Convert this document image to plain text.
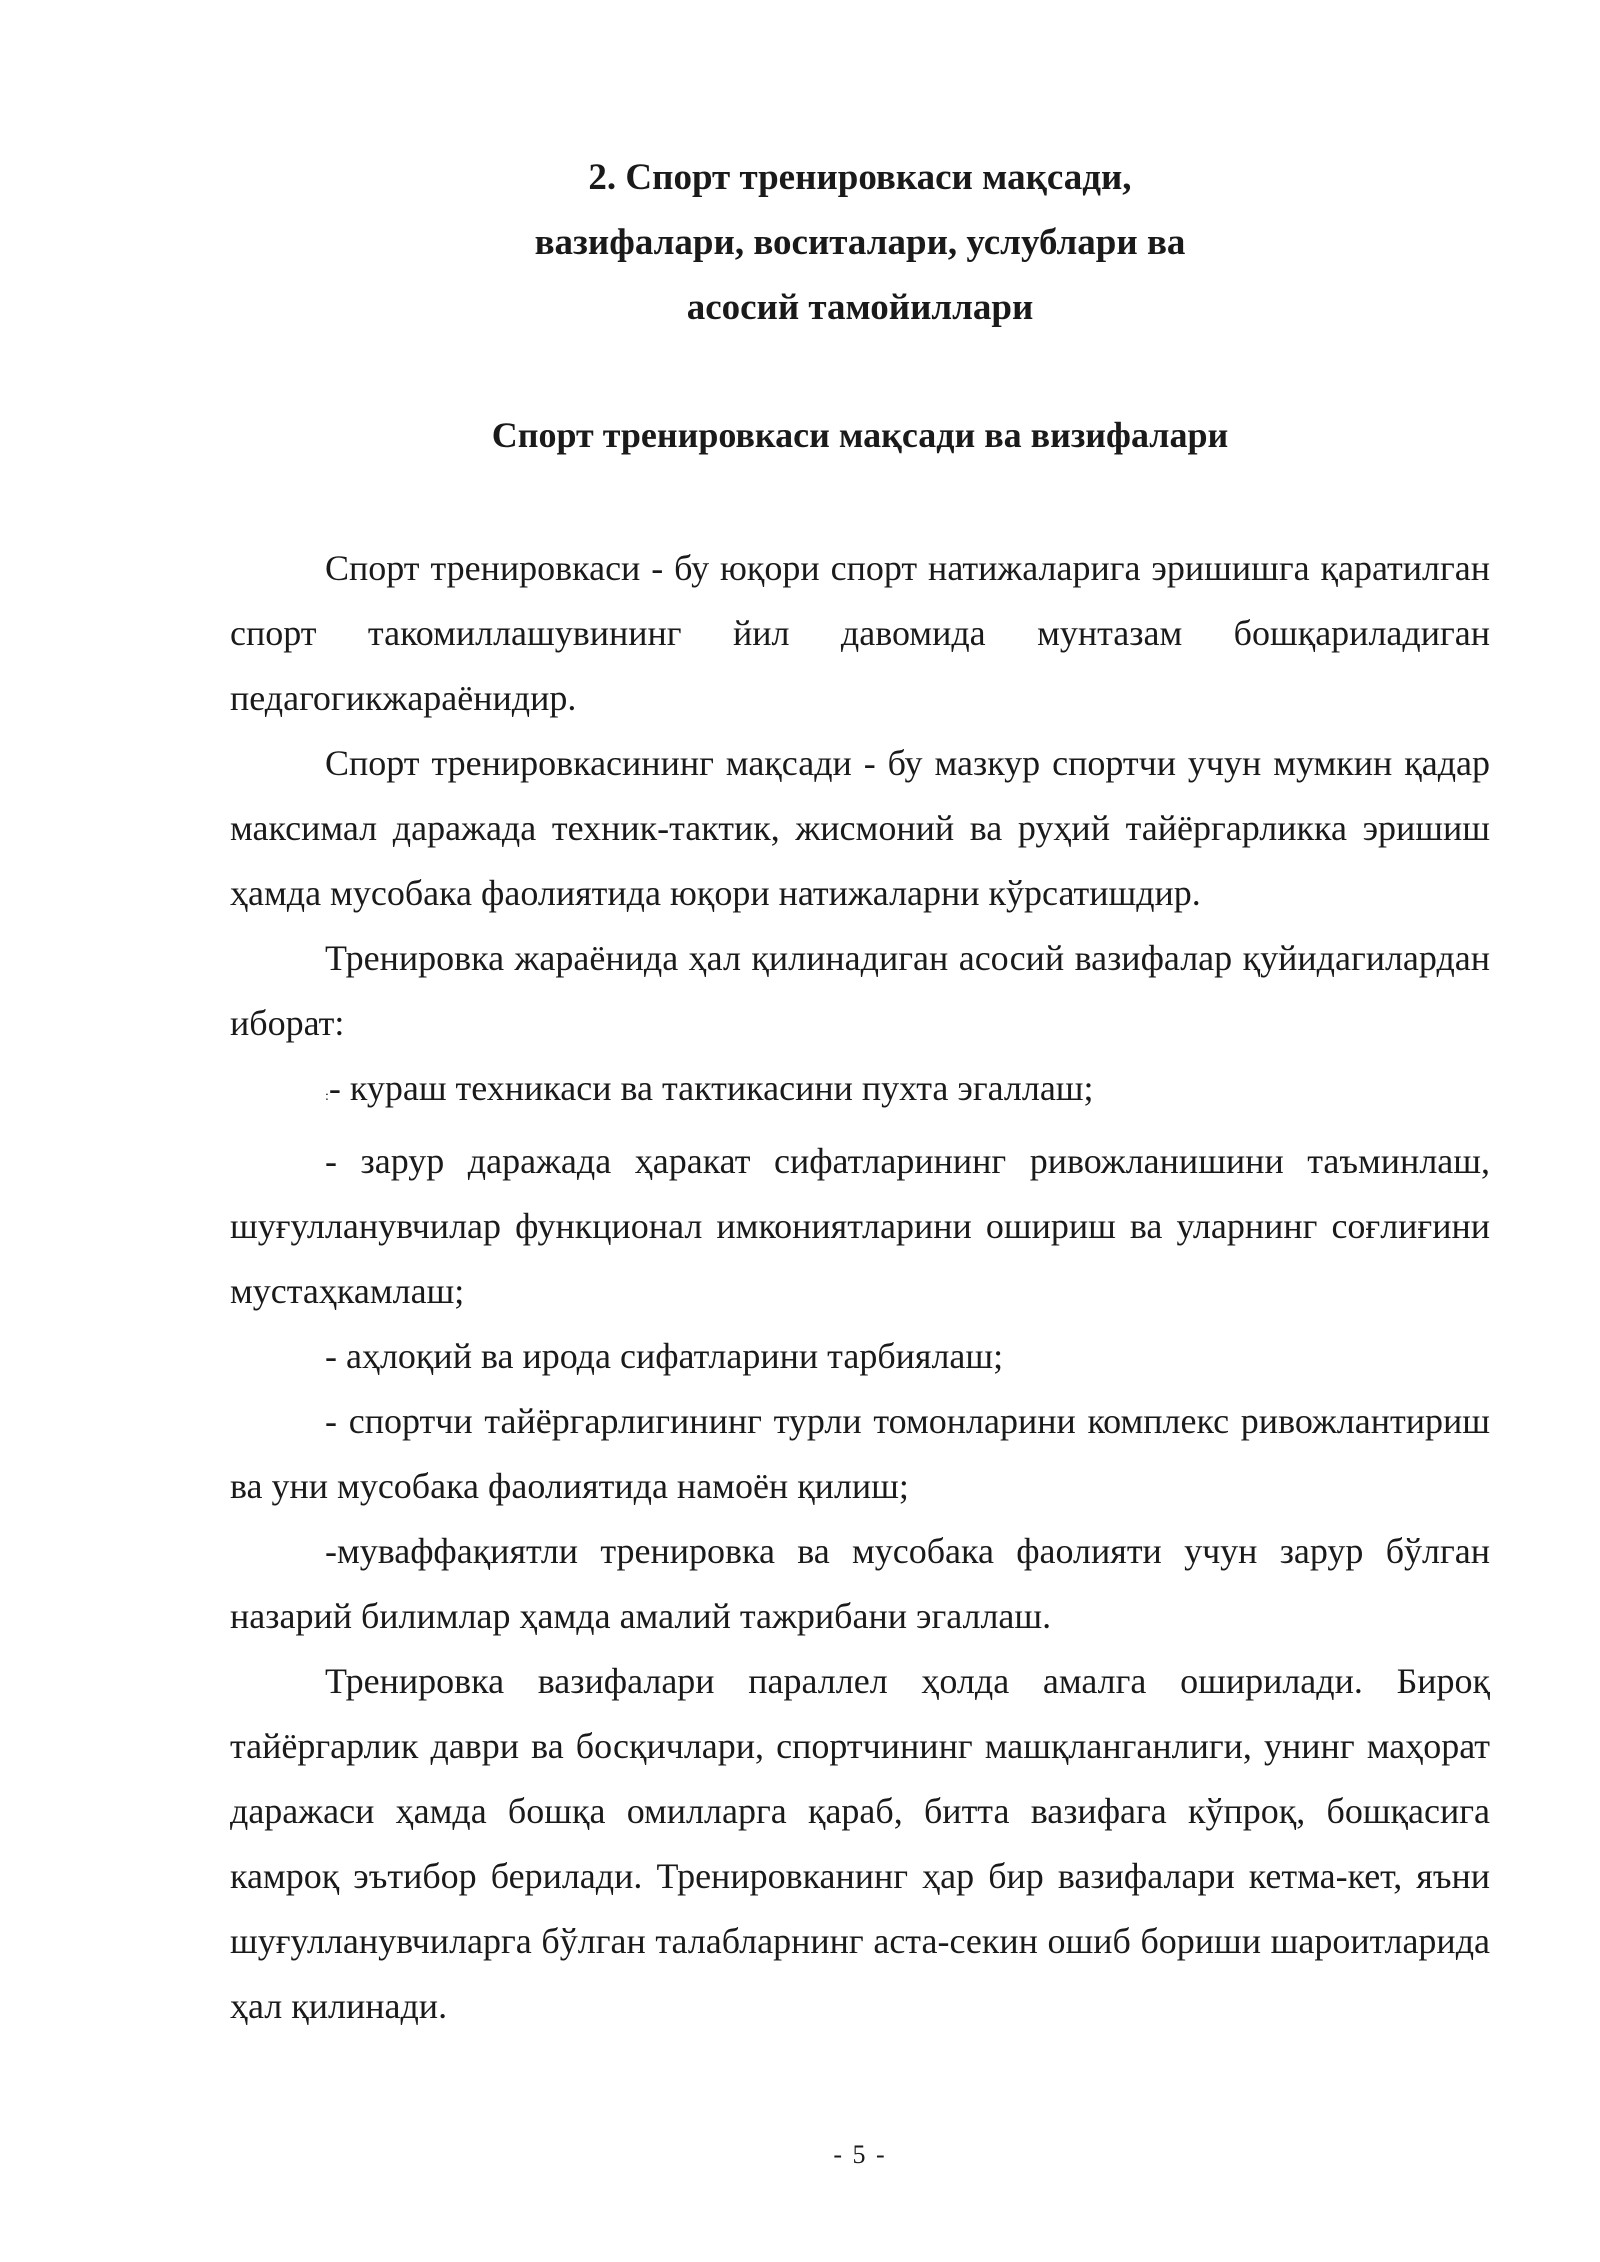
2. Спорт тренировкаси мақсади,
вазифалари, воситалари, услублари ва
асосий тамойиллари
Спорт тренировкаси мақсади ва визифалари

Спорт тренировкаси - бу юқори спорт натижаларига эришишга қаратилган спорт такомиллашувининг йил давомида мунтазам бошқариладиган педагогикжараёнидир.

Спорт тренировкасининг мақсади - бу мазкур спортчи учун мумкин қадар максимал даражада техник-тактик, жисмоний ва руҳий тайёргарликка эришиш ҳамда мусобака фаолиятида юқори натижаларни кўрсатишдир.

Тренировка жараёнида ҳал қилинадиган асосий вазифалар қуйидагилардан иборат:

:- кураш техникаси ва тактикасини пухта эгаллаш;

- зарур даражада ҳаракат сифатларининг ривожланишини таъминлаш, шуғулланувчилар функционал имкониятларини ошириш ва уларнинг соғлиғини мустаҳкамлаш;

- аҳлоқий ва ирода сифатларини тарбиялаш;

- спортчи тайёргарлигининг турли томонларини комплекс ривожлантириш ва уни мусобака фаолиятида намоён қилиш;

-муваффақиятли тренировка ва мусобака фаолияти учун зарур бўлган назарий билимлар ҳамда амалий тажрибани эгаллаш.

Тренировка вазифалари параллел ҳолда амалга оширилади. Бироқ тайёргарлик даври ва босқичлари, спортчининг машқланганлиги, унинг маҳорат даражаси ҳамда бошқа омилларга қараб, битта вазифага кўпроқ, бошқасига камроқ эътибор берилади. Тренировканинг ҳар бир вазифалари кетма-кет, яъни шуғулланувчиларга бўлган талабларнинг аста-секин ошиб бориши шароитларида ҳал қилинади.

- 5 -
